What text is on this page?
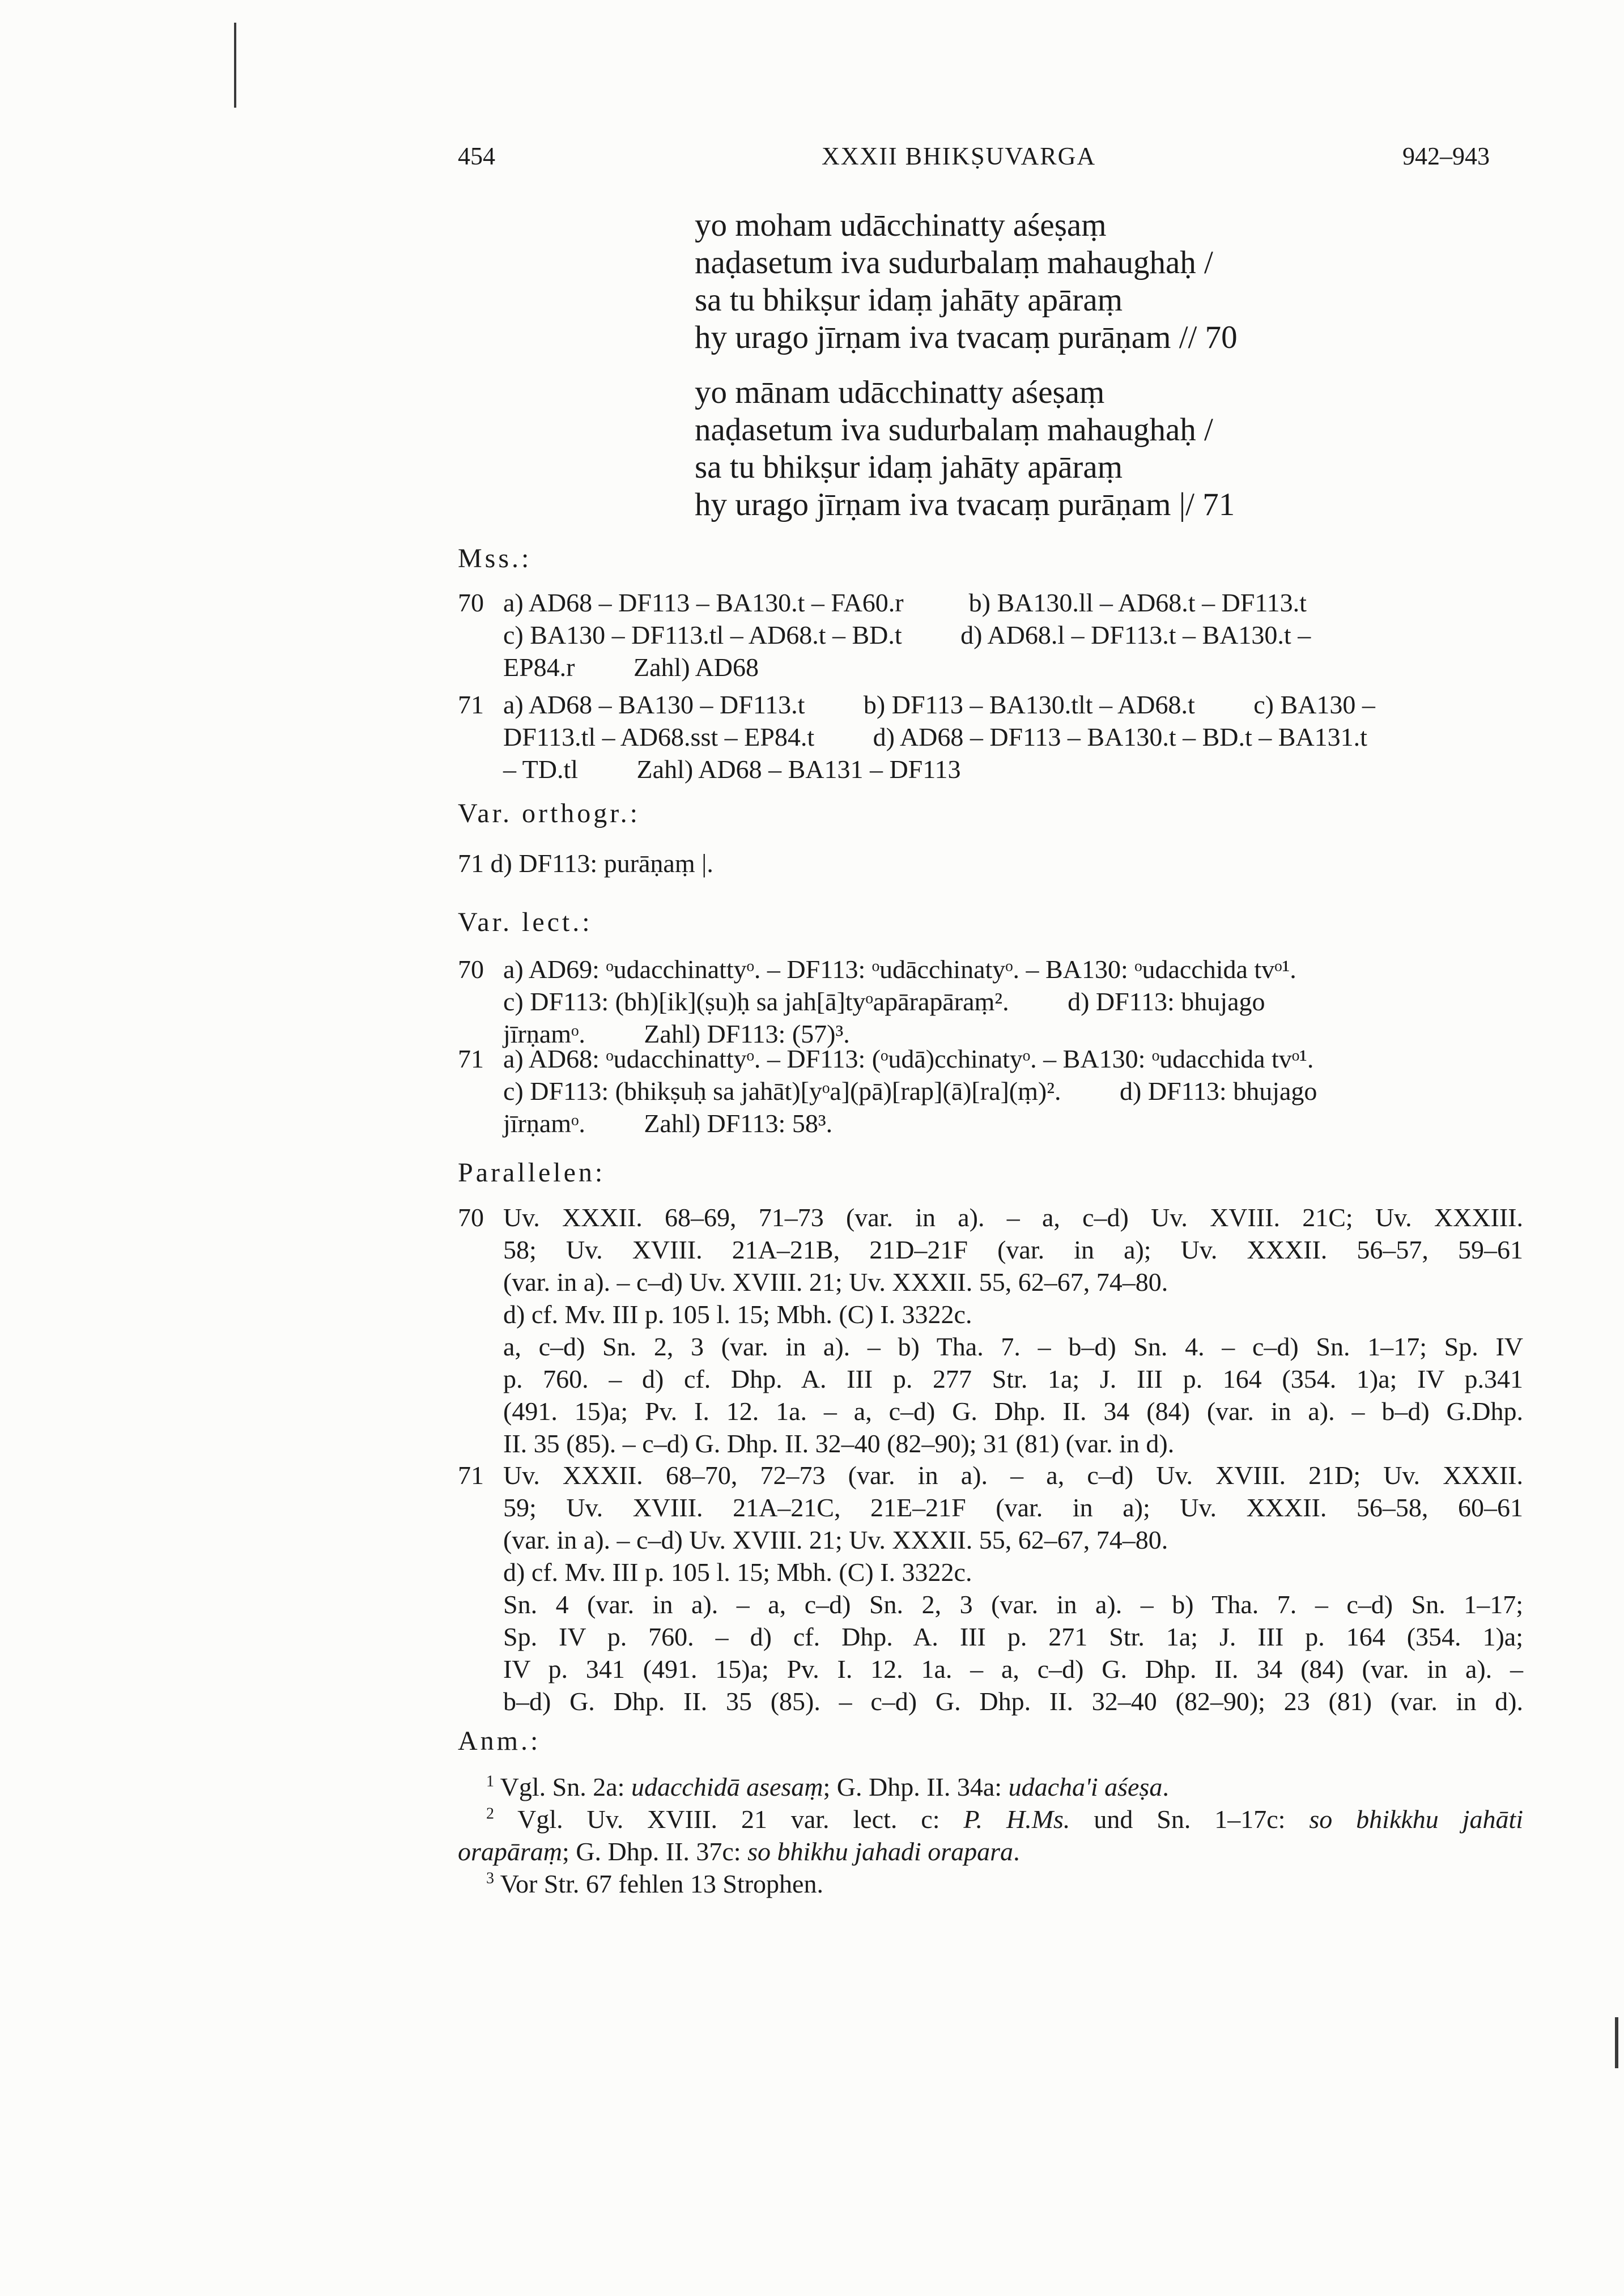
454	XXXII BHIKṢUVARGA	942–943
yo moham udācchinatty aśeṣaṃ
naḍasetum iva sudurbalaṃ mahaughaḥ /
sa tu bhikṣur idaṃ jahāty apāraṃ
hy urago jīrṇam iva tvacaṃ purāṇam // 70
yo mānam udācchinatty aśeṣaṃ
naḍasetum iva sudurbalaṃ mahaughaḥ /
sa tu bhikṣur idaṃ jahāty apāraṃ
hy urago jīrṇam iva tvacaṃ purāṇam |/ 71
Mss.:
70 a) AD68 – DF113 – BA130.t – FA60.r          b) BA130.ll – AD68.t – DF113.t
c) BA130 – DF113.tl – AD68.t – BD.t         d) AD68.l – DF113.t – BA130.t –
EP84.r         Zahl) AD68
71 a) AD68 – BA130 – DF113.t         b) DF113 – BA130.tlt – AD68.t         c) BA130 –
DF113.tl – AD68.sst – EP84.t         d) AD68 – DF113 – BA130.t – BD.t – BA131.t
– TD.tl         Zahl) AD68 – BA131 – DF113
Var. orthogr.:
71 d) DF113: purāṇaṃ |.
Var. lect.:
70 a) AD69: ᵒudacchinattyᵒ. – DF113: ᵒudācchinatyᵒ. – BA130: ᵒudacchida tvᵒ¹.
c) DF113: (bh)[ik](ṣu)ḥ sa jah[ā]tyᵒapārapāraṃ².         d) DF113: bhujago
jīrṇamᵒ.         Zahl) DF113: (57)³.
71 a) AD68: ᵒudacchinattyᵒ. – DF113: (ᵒudā)cchinatyᵒ. – BA130: ᵒudacchida tvᵒ¹.
c) DF113: (bhikṣuḥ sa jahāt)[yᵒa](pā)[rap](ā)[ra](ṃ)².         d) DF113: bhujago
jīrṇamᵒ.         Zahl) DF113: 58³.
Parallelen:
70 Uv. XXXII. 68–69, 71–73 (var. in a). – a, c–d) Uv. XVIII. 21C; Uv. XXXIII.
58; Uv. XVIII. 21A–21B, 21D–21F (var. in a); Uv. XXXII. 56–57, 59–61
(var. in a). – c–d) Uv. XVIII. 21; Uv. XXXII. 55, 62–67, 74–80.
d) cf. Mv. III p. 105 l. 15; Mbh. (C) I. 3322c.
a, c–d) Sn. 2, 3 (var. in a). – b) Tha. 7. – b–d) Sn. 4. – c–d) Sn. 1–17; Sp. IV
p. 760. – d) cf. Dhp. A. III p. 277 Str. 1a; J. III p. 164 (354. 1)a; IV p.341
(491. 15)a; Pv. I. 12. 1a. – a, c–d) G. Dhp. II. 34 (84) (var. in a). – b–d) G.Dhp.
II. 35 (85). – c–d) G. Dhp. II. 32–40 (82–90); 31 (81) (var. in d).
71 Uv. XXXII. 68–70, 72–73 (var. in a). – a, c–d) Uv. XVIII. 21D; Uv. XXXII.
59; Uv. XVIII. 21A–21C, 21E–21F (var. in a); Uv. XXXII. 56–58, 60–61
(var. in a). – c–d) Uv. XVIII. 21; Uv. XXXII. 55, 62–67, 74–80.
d) cf. Mv. III p. 105 l. 15; Mbh. (C) I. 3322c.
Sn. 4 (var. in a). – a, c–d) Sn. 2, 3 (var. in a). – b) Tha. 7. – c–d) Sn. 1–17;
Sp. IV p. 760. – d) cf. Dhp. A. III p. 271 Str. 1a; J. III p. 164 (354. 1)a;
IV p. 341 (491. 15)a; Pv. I. 12. 1a. – a, c–d) G. Dhp. II. 34 (84) (var. in a). –
b–d) G. Dhp. II. 35 (85). – c–d) G. Dhp. II. 32–40 (82–90); 23 (81) (var. in d).
Anm.:
$^1$ Vgl. Sn. 2a: udacchidā asesaṃ; G. Dhp. II. 34a: udacha'i aśeṣa.
$^2$ Vgl. Uv. XVIII. 21 var. lect. c: P. H.Ms. und Sn. 1–17c: so bhikkhu jahāti
orapāraṃ; G. Dhp. II. 37c: so bhikhu jahadi orapara.
$^3$ Vor Str. 67 fehlen 13 Strophen.
